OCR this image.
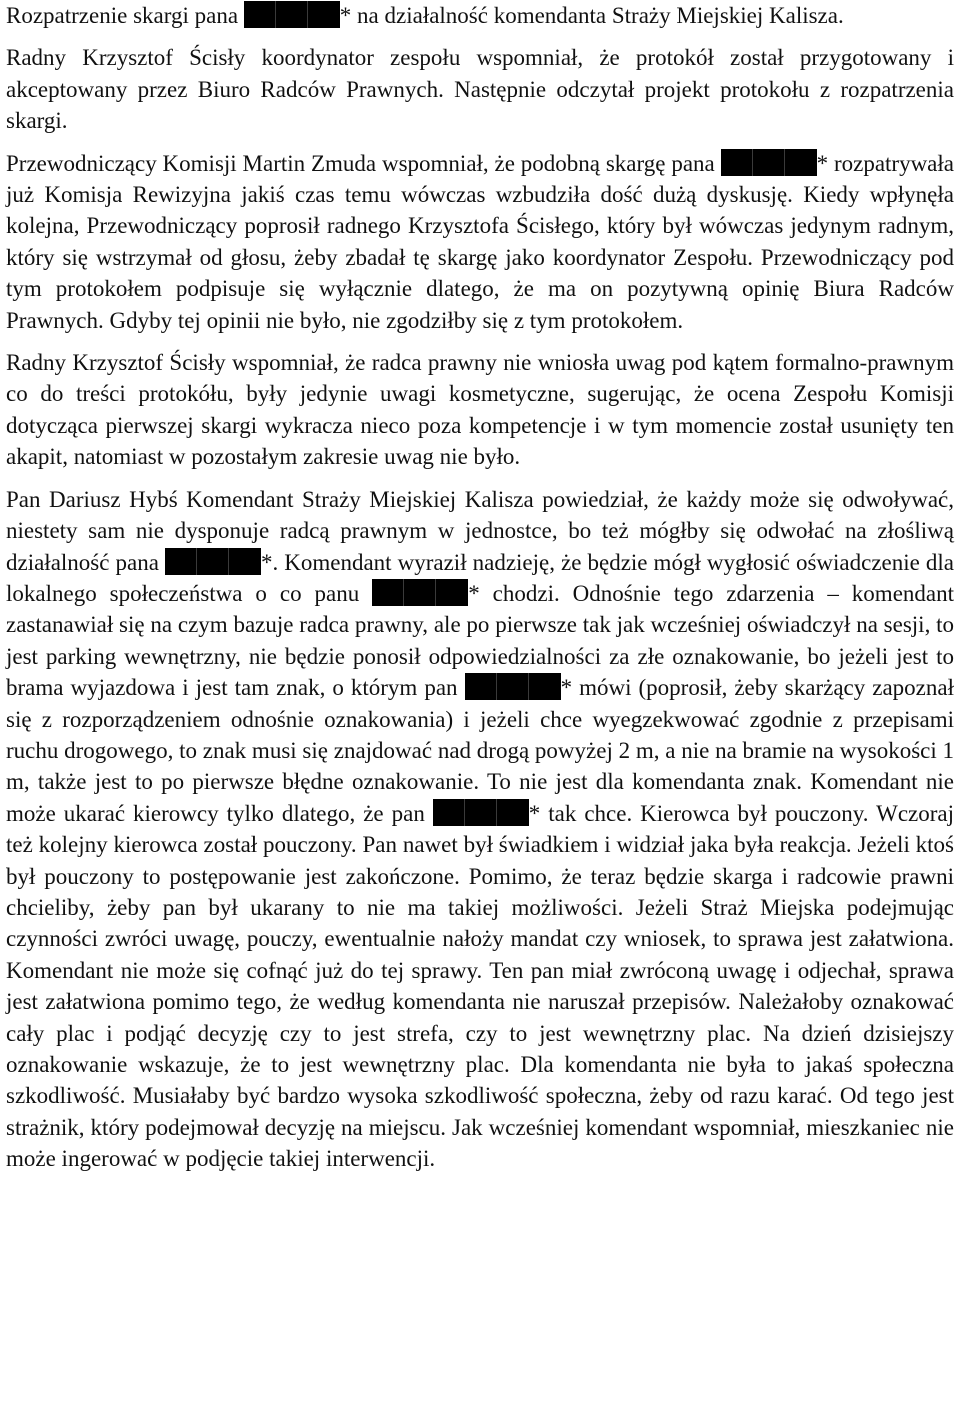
Rozpatrzenie skargi pana	* na działalność komendanta Straży Miejskiej Kalisza.

Radny Krzysztof Ścisły koordynator zespołu wspomniał, że protokół został przygotowany i akceptowany przez Biuro Radców Prawnych. Następnie odczytał projekt protokołu z rozpatrzenia skargi.

Przewodniczący Komisji Martin Zmuda wspomniał, że podobną skargę pana	* rozpatrywała już Komisja Rewizyjna jakiś czas temu wówczas wzbudziła dość dużą dyskusję. Kiedy wpłynęła kolejna, Przewodniczący poprosił radnego Krzysztofa Ścisłego, który był wówczas jedynym radnym, który się wstrzymał od głosu, żeby zbadał tę skargę jako koordynator Zespołu. Przewodniczący pod tym protokołem podpisuje się wyłącznie dlatego, że ma on pozytywną opinię Biura Radców Prawnych. Gdyby tej opinii nie było, nie zgodziłby się z tym protokołem.

Radny Krzysztof Ścisły wspomniał, że radca prawny nie wniosła uwag pod kątem formalno-prawnym co do treści protokółu, były jedynie uwagi kosmetyczne, sugerując, że ocena Zespołu Komisji dotycząca pierwszej skargi wykracza nieco poza kompetencje i w tym momencie został usunięty ten akapit, natomiast w pozostałym zakresie uwag nie było.

Pan Dariusz Hybś Komendant Straży Miejskiej Kalisza powiedział, że każdy może się odwoływać, niestety sam nie dysponuje radcą prawnym w jednostce, bo też mógłby się odwołać na złośliwą działalność pana	*. Komendant wyraził nadzieję, że będzie mógł wygłosić oświadczenie dla lokalnego społeczeństwa o co panu	* chodzi. Odnośnie tego zdarzenia – komendant zastanawiał się na czym bazuje radca prawny, ale po pierwsze tak jak wcześniej oświadczył na sesji, to jest parking wewnętrzny, nie będzie ponosił odpowiedzialności za złe oznakowanie, bo jeżeli jest to brama wyjazdowa i jest tam znak, o którym pan	* mówi (poprosił, żeby skarżący zapoznał się z rozporządzeniem odnośnie oznakowania) i jeżeli chce wyegzekwować zgodnie z przepisami ruchu drogowego, to znak musi się znajdować nad drogą powyżej 2 m, a nie na bramie na wysokości 1 m, także jest to po pierwsze błędne oznakowanie. To nie jest dla komendanta znak. Komendant nie może ukarać kierowcy tylko dlatego, że pan	* tak chce. Kierowca był pouczony. Wczoraj też kolejny kierowca został pouczony. Pan nawet był świadkiem i widział jaka była reakcja. Jeżeli ktoś był pouczony to postępowanie jest zakończone. Pomimo, że teraz będzie skarga i radcowie prawni chcieliby, żeby pan był ukarany to nie ma takiej możliwości. Jeżeli Straż Miejska podejmując czynności zwróci uwagę, pouczy, ewentualnie nałoży mandat czy wniosek, to sprawa jest załatwiona. Komendant nie może się cofnąć już do tej sprawy. Ten pan miał zwróconą uwagę i odjechał, sprawa jest załatwiona pomimo tego, że według komendanta nie naruszał przepisów. Należałoby oznakować cały plac i podjąć decyzję czy to jest strefa, czy to jest wewnętrzny plac. Na dzień dzisiejszy oznakowanie wskazuje, że to jest wewnętrzny plac. Dla komendanta nie była to jakaś społeczna szkodliwość. Musiałaby być bardzo wysoka szkodliwość społeczna, żeby od razu karać. Od tego jest strażnik, który podejmował decyzję na miejscu. Jak wcześniej komendant wspomniał, mieszkaniec nie może ingerować w podjęcie takiej interwencji.
